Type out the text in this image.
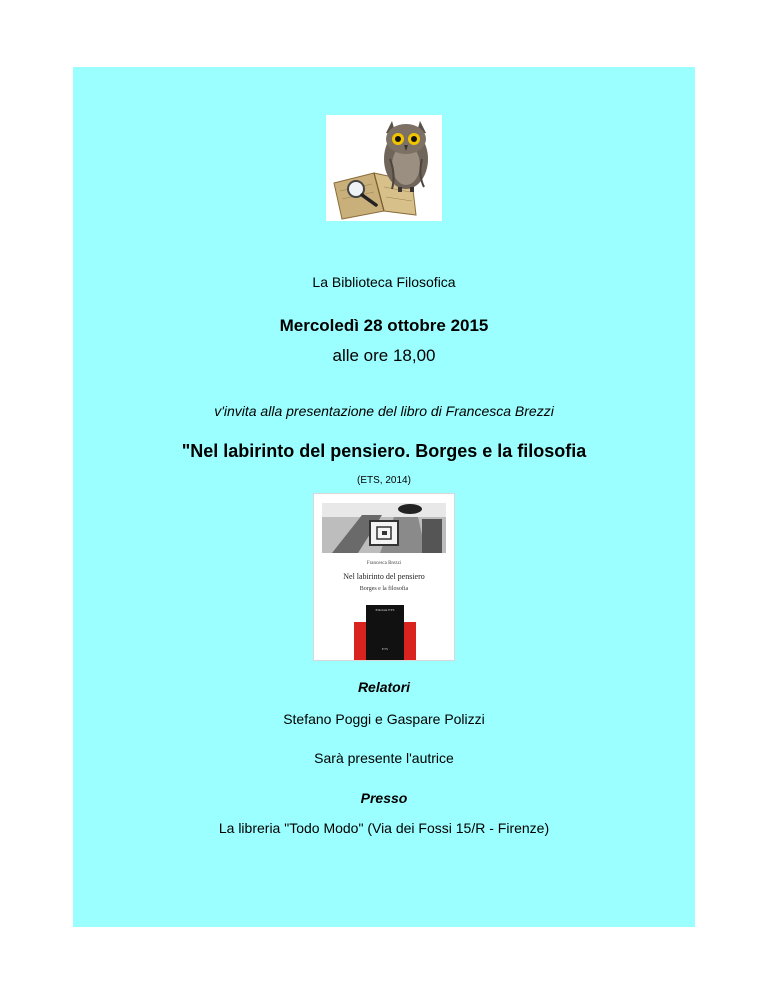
La Biblioteca Filosofica
Mercoledì 28 ottobre 2015
alle ore 18,00
v'invita alla presentazione del libro di Francesca Brezzi
"Nel labirinto del pensiero. Borges e la filosofia
(ETS, 2014)
Francesca Brezzi
Nel labirinto del pensiero
Borges e la filosofia
Edizioni ETS
ETS
Relatori
Stefano Poggi e Gaspare Polizzi
Sarà presente l'autrice
Presso
La libreria "Todo Modo" (Via dei Fossi 15/R - Firenze)
